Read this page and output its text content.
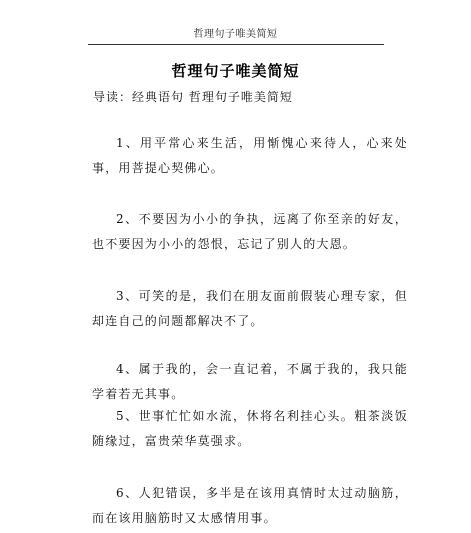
哲理句子唯美简短
哲理句子唯美简短
导读：经典语句 哲理句子唯美简短
1、用平常心来生活，用惭愧心来待人，心来处事，用菩提心契佛心。
2、不要因为小小的争执，远离了你至亲的好友，也不要因为小小的怨恨，忘记了别人的大恩。
3、可笑的是，我们在朋友面前假装心理专家，但却连自己的问题都解决不了。
4、属于我的，会一直记着，不属于我的，我只能学着若无其事。
5、世事忙忙如水流，休将名利挂心头。粗茶淡饭随缘过，富贵荣华莫强求。
6、人犯错误，多半是在该用真情时太过动脑筋，而在该用脑筋时又太感情用事。
